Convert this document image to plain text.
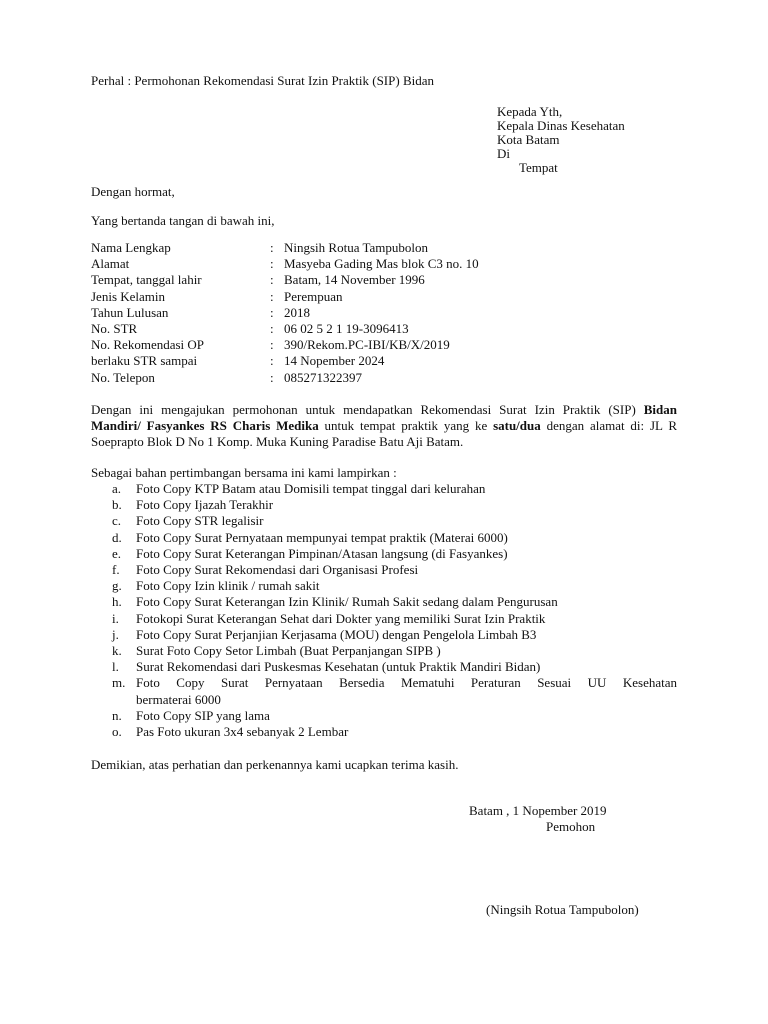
Perhal : Permohonan Rekomendasi Surat Izin Praktik (SIP) Bidan
Kepada Yth,
Kepala Dinas Kesehatan
Kota Batam
Di
Tempat
Dengan hormat,
Yang bertanda tangan di bawah ini,
Nama Lengkap	: Ningsih Rotua Tampubolon
Alamat	: Masyeba Gading Mas blok C3 no. 10
Tempat, tanggal lahir	: Batam, 14 November 1996
Jenis Kelamin	: Perempuan
Tahun Lulusan	: 2018
No. STR	: 06 02 5 2 1 19-3096413
No. Rekomendasi OP	: 390/Rekom.PC-IBI/KB/X/2019
berlaku STR sampai	: 14 Nopember 2024
No. Telepon	: 085271322397
Dengan ini mengajukan permohonan untuk mendapatkan Rekomendasi Surat Izin Praktik (SIP) Bidan Mandiri/ Fasyankes RS Charis Medika untuk tempat praktik yang ke satu/dua dengan alamat di: JL R Soeprapto Blok D No 1 Komp. Muka Kuning Paradise Batu Aji Batam.
Sebagai bahan pertimbangan bersama ini kami lampirkan :
a.	Foto Copy KTP Batam atau Domisili tempat tinggal dari kelurahan
b.	Foto Copy Ijazah Terakhir
c.	Foto Copy STR legalisir
d.	Foto Copy Surat Pernyataan mempunyai tempat praktik (Materai 6000)
e.	Foto Copy Surat Keterangan Pimpinan/Atasan langsung (di Fasyankes)
f.	Foto Copy Surat Rekomendasi dari Organisasi Profesi
g.	Foto Copy Izin klinik / rumah sakit
h.	Foto Copy Surat Keterangan Izin Klinik/ Rumah Sakit sedang dalam Pengurusan
i.	Fotokopi Surat Keterangan Sehat dari Dokter yang memiliki Surat Izin Praktik
j.	Foto Copy Surat Perjanjian Kerjasama (MOU) dengan Pengelola Limbah B3
k.	Surat Foto Copy Setor Limbah (Buat Perpanjangan SIPB )
l.	Surat Rekomendasi dari Puskesmas Kesehatan (untuk Praktik Mandiri Bidan)
m. Foto Copy Surat Pernyataan Bersedia Mematuhi Peraturan Sesuai UU Kesehatan
bermaterai 6000
n.	Foto Copy SIP yang lama
o.	Pas Foto ukuran 3x4 sebanyak 2 Lembar
Demikian, atas perhatian dan perkenannya kami ucapkan terima kasih.
Batam , 1 Nopember 2019
Pemohon
(Ningsih Rotua Tampubolon)
